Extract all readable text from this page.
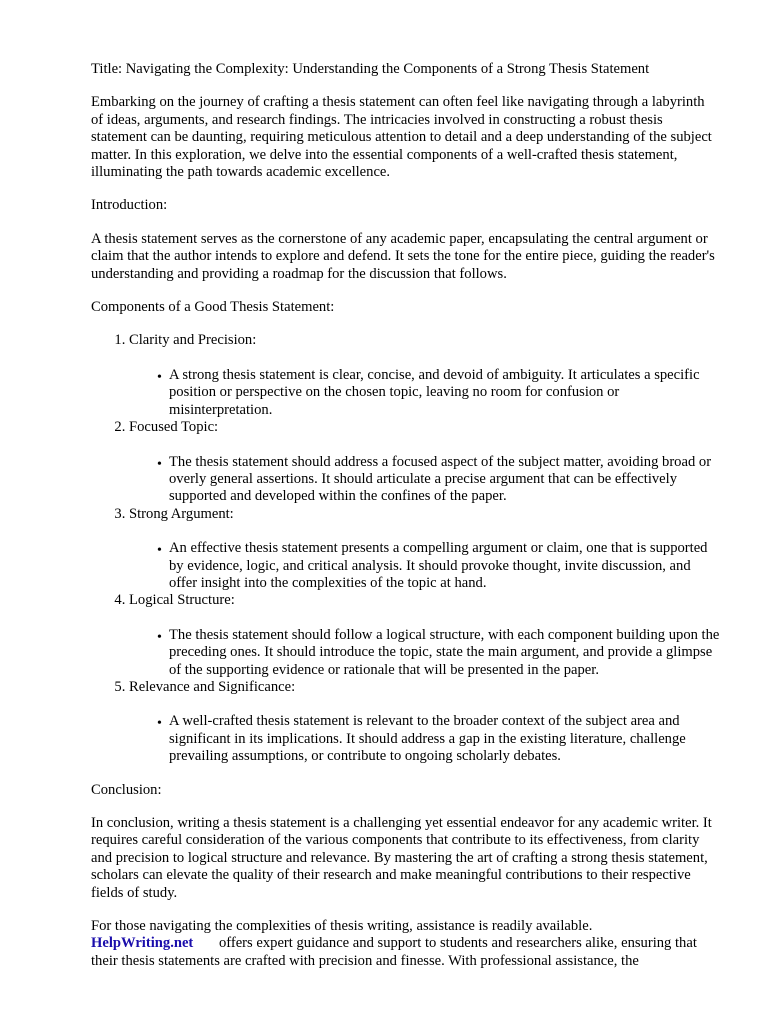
Title: Navigating the Complexity: Understanding the Components of a Strong Thesis Statement

Embarking on the journey of crafting a thesis statement can often feel like navigating through a labyrinth of ideas, arguments, and research findings. The intricacies involved in constructing a robust thesis statement can be daunting, requiring meticulous attention to detail and a deep understanding of the subject matter. In this exploration, we delve into the essential components of a well-crafted thesis statement, illuminating the path towards academic excellence.

Introduction:

A thesis statement serves as the cornerstone of any academic paper, encapsulating the central argument or claim that the author intends to explore and defend. It sets the tone for the entire piece, guiding the reader's understanding and providing a roadmap for the discussion that follows.

Components of a Good Thesis Statement:

1. Clarity and Precision:
• A strong thesis statement is clear, concise, and devoid of ambiguity. It articulates a specific position or perspective on the chosen topic, leaving no room for confusion or misinterpretation.
2. Focused Topic:
• The thesis statement should address a focused aspect of the subject matter, avoiding broad or overly general assertions. It should articulate a precise argument that can be effectively supported and developed within the confines of the paper.
3. Strong Argument:
• An effective thesis statement presents a compelling argument or claim, one that is supported by evidence, logic, and critical analysis. It should provoke thought, invite discussion, and offer insight into the complexities of the topic at hand.
4. Logical Structure:
• The thesis statement should follow a logical structure, with each component building upon the preceding ones. It should introduce the topic, state the main argument, and provide a glimpse of the supporting evidence or rationale that will be presented in the paper.
5. Relevance and Significance:
• A well-crafted thesis statement is relevant to the broader context of the subject area and significant in its implications. It should address a gap in the existing literature, challenge prevailing assumptions, or contribute to ongoing scholarly debates.

Conclusion:

In conclusion, writing a thesis statement is a challenging yet essential endeavor for any academic writer. It requires careful consideration of the various components that contribute to its effectiveness, from clarity and precision to logical structure and relevance. By mastering the art of crafting a strong thesis statement, scholars can elevate the quality of their research and make meaningful contributions to their respective fields of study.

For those navigating the complexities of thesis writing, assistance is readily available.
HelpWriting.net offers expert guidance and support to students and researchers alike, ensuring that their thesis statements are crafted with precision and finesse. With professional assistance, the
